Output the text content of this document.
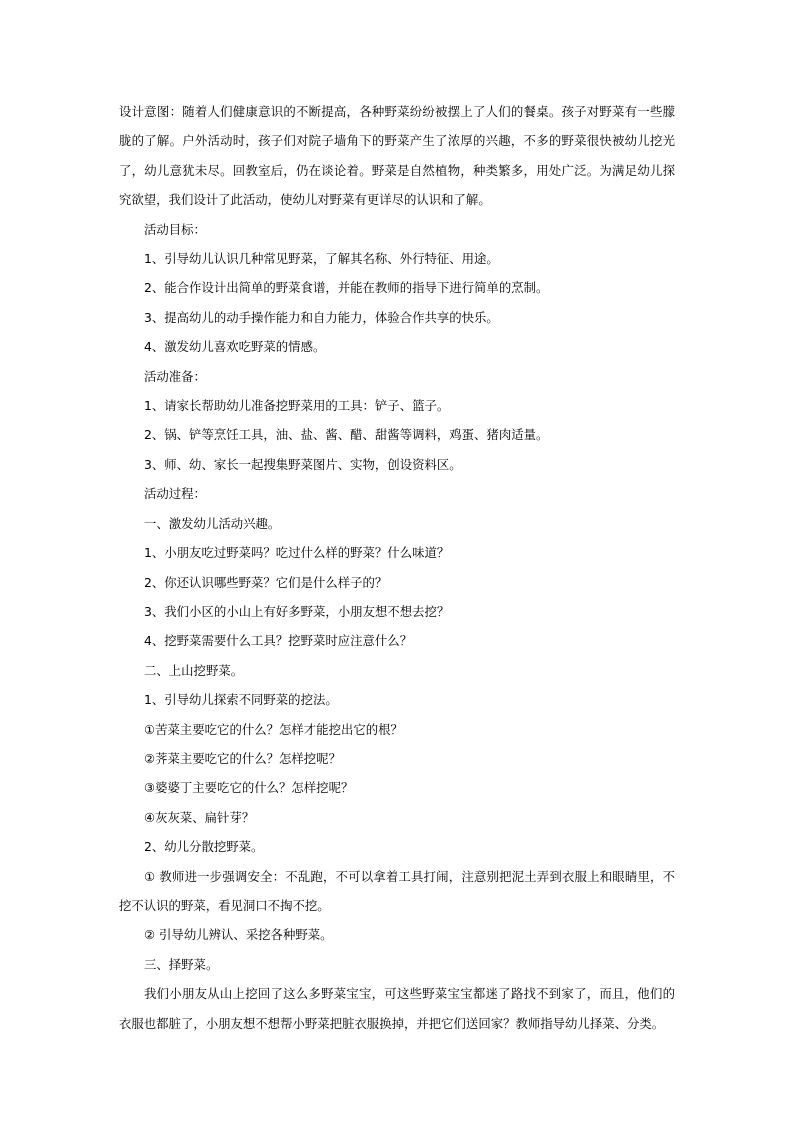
设计意图：随着人们健康意识的不断提高，各种野菜纷纷被摆上了人们的餐桌。孩子对野菜有一些朦胧的了解。户外活动时，孩子们对院子墙角下的野菜产生了浓厚的兴趣，不多的野菜很快被幼儿挖光了，幼儿意犹未尽。回教室后，仍在谈论着。野菜是自然植物，种类繁多，用处广泛。为满足幼儿探究欲望，我们设计了此活动，使幼儿对野菜有更详尽的认识和了解。

活动目标：

1、引导幼儿认识几种常见野菜，了解其名称、外行特征、用途。

2、能合作设计出简单的野菜食谱，并能在教师的指导下进行简单的烹制。

3、提高幼儿的动手操作能力和自力能力，体验合作共享的快乐。

4、激发幼儿喜欢吃野菜的情感。

活动准备：

1、请家长帮助幼儿准备挖野菜用的工具：铲子、篮子。

2、锅、铲等烹饪工具，油、盐、酱、醋、甜酱等调料，鸡蛋、猪肉适量。

3、师、幼、家长一起搜集野菜图片、实物，创设资料区。

活动过程：

一、激发幼儿活动兴趣。

1、小朋友吃过野菜吗？吃过什么样的野菜？什么味道？

2、你还认识哪些野菜？它们是什么样子的？

3、我们小区的小山上有好多野菜，小朋友想不想去挖？

4、挖野菜需要什么工具？挖野菜时应注意什么？

二、上山挖野菜。

1、引导幼儿探索不同野菜的挖法。

①苦菜主要吃它的什么？怎样才能挖出它的根？

②荠菜主要吃它的什么？怎样挖呢？

③婆婆丁主要吃它的什么？怎样挖呢？

④灰灰菜、扁针芽？

2、幼儿分散挖野菜。

① 教师进一步强调安全：不乱跑，不可以拿着工具打闹，注意别把泥土弄到衣服上和眼睛里，不挖不认识的野菜，看见洞口不掏不挖。

② 引导幼儿辨认、采挖各种野菜。

三、择野菜。

我们小朋友从山上挖回了这么多野菜宝宝，可这些野菜宝宝都迷了路找不到家了，而且，他们的衣服也都脏了，小朋友想不想帮小野菜把脏衣服换掉，并把它们送回家？教师指导幼儿择菜、分类。
